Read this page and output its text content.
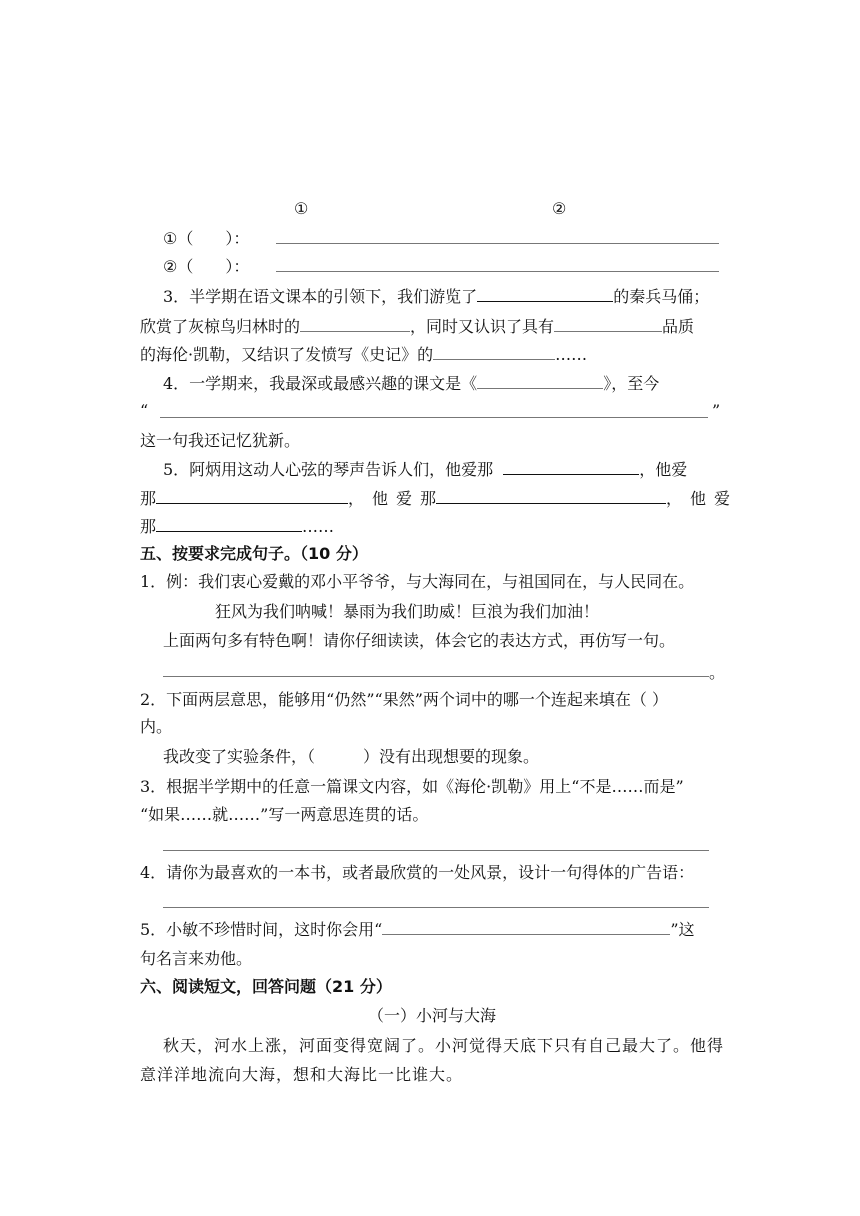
①	②
①（　　）：
②（　　）：
3．半学期在语文课本的引领下，我们游览了	的秦兵马俑；
欣赏了灰椋鸟归林时的	，同时又认识了具有	品质
的海伦·凯勒，又结识了发愤写《史记》的	……
4．一学期来，我最深或最感兴趣的课文是《	》，至今
“	”
这一句我还记忆犹新。
5．阿炳用这动人心弦的琴声告诉人们，他爱那	，他爱
那	， 他 爱 那	， 他 爱
那	……
五、按要求完成句子。（10 分）
1．例：我们衷心爱戴的邓小平爷爷，与大海同在，与祖国同在，与人民同在。
狂风为我们呐喊！暴雨为我们助威！巨浪为我们加油！
上面两句多有特色啊！请你仔细读读，体会它的表达方式，再仿写一句。
。
2．下面两层意思，能够用“仍然”“果然”两个词中的哪一个连起来填在（ ）
内。
我改变了实验条件，（　　　）没有出现想要的现象。
3．根据半学期中的任意一篇课文内容，如《海伦·凯勒》用上“不是……而是”
“如果……就……”写一两意思连贯的话。
4．请你为最喜欢的一本书，或者最欣赏的一处风景，设计一句得体的广告语：
5．小敏不珍惜时间，这时你会用“	”这
句名言来劝他。
六、阅读短文，回答问题（21 分）
（一）小河与大海
秋天，河水上涨，河面变得宽阔了。小河觉得天底下只有自己最大了。他得
意洋洋地流向大海，想和大海比一比谁大。
